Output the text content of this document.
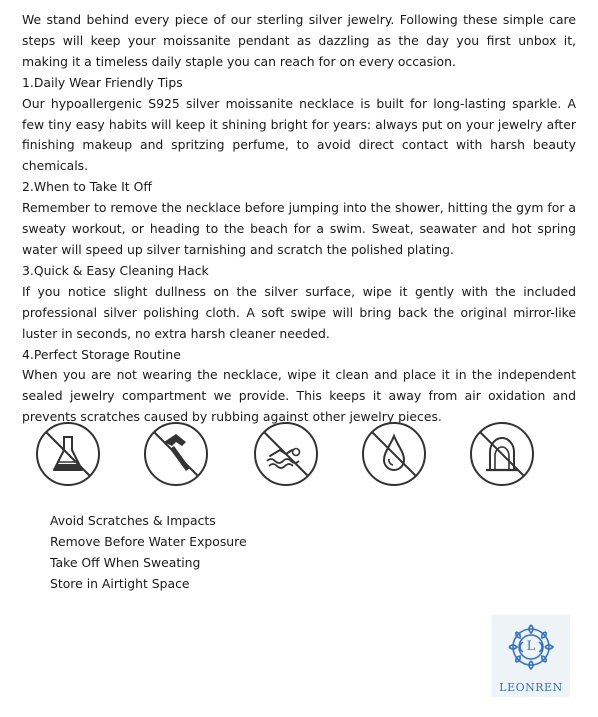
We stand behind every piece of our sterling silver jewelry. Following these simple care steps will keep your moissanite pendant as dazzling as the day you first unbox it, making it a timeless daily staple you can reach for on every occasion.

1.Daily Wear Friendly Tips

Our hypoallergenic S925 silver moissanite necklace is built for long-lasting sparkle. A few tiny easy habits will keep it shining bright for years: always put on your jewelry after finishing makeup and spritzing perfume, to avoid direct contact with harsh beauty chemicals.

2.When to Take It Off

Remember to remove the necklace before jumping into the shower, hitting the gym for a sweaty workout, or heading to the beach for a swim. Sweat, seawater and hot spring water will speed up silver tarnishing and scratch the polished plating.

3.Quick & Easy Cleaning Hack

If you notice slight dullness on the silver surface, wipe it gently with the included professional silver polishing cloth. A soft swipe will bring back the original mirror-like luster in seconds, no extra harsh cleaner needed.

4.Perfect Storage Routine

When you are not wearing the necklace, wipe it clean and place it in the independent sealed jewelry compartment we provide. This keeps it away from air oxidation and prevents scratches caused by rubbing against other jewelry pieces.

Avoid Scratches & Impacts
Remove Before Water Exposure
Take Off When Sweating
Store in Airtight Space
L
LEONREN
